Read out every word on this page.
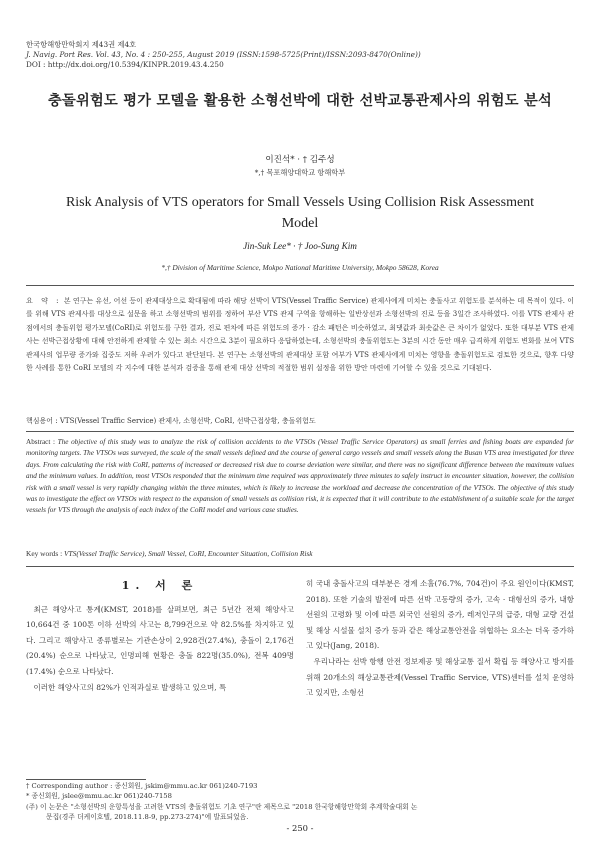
한국항해항만학회지 제43권 제4호
J. Navig. Port Res. Vol. 43, No. 4 : 250-255, August 2019 (ISSN:1598-5725(Print)/ISSN:2093-8470(Online))
DOI : http://dx.doi.org/10.5394/KINPR.2019.43.4.250
충돌위험도 평가 모델을 활용한 소형선박에 대한 선박교통관제사의 위험도 분석
이진석* · † 김주성
*,† 목포해양대학교 항해학부
Risk Analysis of VTS operators for Small Vessels Using Collision Risk Assessment Model
Jin-Suk Lee* · † Joo-Sung Kim
*,† Division of Maritime Science, Mokpo National Maritime University, Mokpo 58628, Korea
요 약 : 본 연구는 유선, 어선 등이 관제대상으로 확대됨에 따라 해당 선박이 VTS(Vessel Traffic Service) 관제사에게 미치는 충돌사고 위험도를 분석하는 데 목적이 있다. 이를 위해 VTS 관제사를 대상으로 설문을 하고 소형선박의 범위를 정하여 부산 VTS 관제 구역을 항해하는 일반상선과 소형선박의 진로 등을 3일간 조사하였다. 이를 VTS 관제사 관점에서의 충돌위험 평가모델(CoRI)로 위험도를 구한 결과, 진로 편차에 따른 위험도의 증가 · 감소 패턴은 비슷하였고, 최댓값과 최솟값은 큰 차이가 없었다. 또한 대부분 VTS 관제사는 선박근접상황에 대해 안전하게 관제할 수 있는 최소 시간으로 3분이 필요하다 응답하였는데, 소형선박의 충돌위험도는 3분의 시간 동안 매우 급격하게 위험도 변화를 보여 VTS 관제사의 업무량 증가와 집중도 저하 우려가 있다고 판단된다. 본 연구는 소형선박의 관제대상 포함 여부가 VTS 관제사에게 미치는 영향을 충돌위험도로 검토한 것으로, 향후 다양한 사례를 통한 CoRI 모델의 각 지수에 대한 분석과 검증을 통해 관제 대상 선박의 적절한 범위 설정을 위한 방안 마련에 기여할 수 있을 것으로 기대된다.
핵심용어 : VTS(Vessel Traffic Service) 관제사, 소형선박, CoRI, 선박근접상황, 충돌위험도
Abstract : The objective of this study was to analyze the risk of collision accidents to the VTSOs (Vessel Traffic Service Operators) as small ferries and fishing boats are expanded for monitoring targets. The VTSOs was surveyed, the scale of the small vessels defined and the course of general cargo vessels and small vessels along the Busan VTS area investigated for three days. From calculating the risk with CoRI, patterns of increased or decreased risk due to course deviation were similar, and there was no significant difference between the maximum values and the minimum values. In addition, most VTSOs responded that the minimum time required was approximately three minutes to safely instruct in encounter situation, however, the collision risk with a small vessel is very rapidly changing within the three minutes, which is likely to increase the workload and decrease the concentration of the VTSOs. The objective of this study was to investigate the effect on VTSOs with respect to the expansion of small vessels as collision risk, it is expected that it will contribute to the establishment of a suitable scale for the target vessels for VTS through the analysis of each index of the CoRI model and various case studies.
Key words : VTS(Vessel Traffic Service), Small Vessel, CoRI, Encounter Situation, Collision Risk
1. 서 론

최근 해양사고 통계(KMST, 2018)를 살펴보면, 최근 5년간 전체 해양사고 10,664건 중 100톤 이하 선박의 사고는 8,799건으로 약 82.5%를 차지하고 있다. 그리고 해양사고 종류별로는 기관손상이 2,928건(27.4%), 충돌이 2,176건(20.4%) 순으로 나타났고, 인명피해 현황은 충돌 822명(35.0%), 전복 409명(17.4%) 순으로 나타났다.

이러한 해양사고의 82%가 인적과실로 발생하고 있으며, 특

히 국내 충돌사고의 대부분은 경계 소홀(76.7%, 704건)이 주요 원인이다(KMST, 2018). 또한 기술의 발전에 따른 선박 고동량의 증가, 고속 · 대형선의 증가, 내항 선원의 고령화 및 이에 따른 외국인 선원의 증가, 레저인구의 급증, 대형 교량 건설 및 해상 시설물 설치 증가 등과 같은 해상교통안전을 위협하는 요소는 더욱 증가하고 있다(Jang, 2018).

우리나라는 선박 항행 안전 정보제공 및 해상교통 질서 확립 등 해양사고 방지를 위해 20개소의 해상교통관제(Vessel Traffic Service, VTS)센터를 설치 운영하고 있지만, 소형선

† Corresponding author : 종신회원, jskim@mmu.ac.kr 061)240-7193
* 종신회원, jslee@mmu.ac.kr 061)240-7158
(주) 이 논문은 "소형선박의 운항특성을 고려한 VTS의 충돌위험도 기초 연구"란 제목으로 "2018 한국항해항만학회 추계학술대회 논
문집(경주 더케이호텔, 2018.11.8-9, pp.273-274)"에 발표되었음.
- 250 -
